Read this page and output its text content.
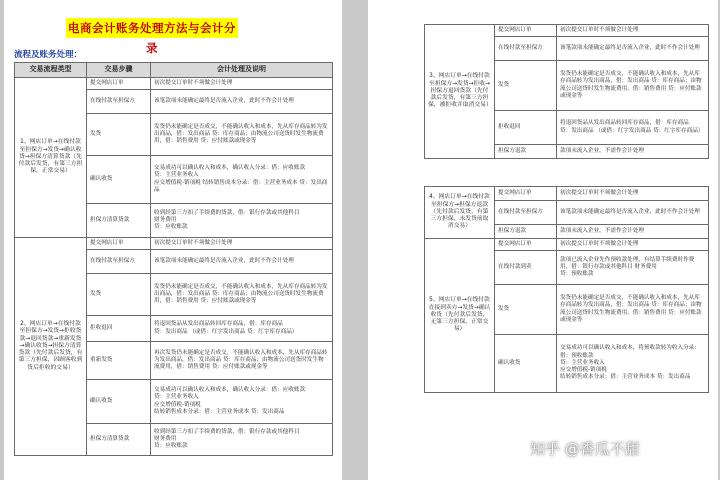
电商会计账务处理方法与会计分录
流程及账务处理：
交易流程类型	交易步骤	会计处理及说明
1、网店订单→在线付款至担保方→发货→确认收货→担保方清算货款（先付款后发货，有第三方担保，正常交易）	提交网店订单	初次提交订单时不须做会计处理
	在线付款至担保方	该笔款项未能确定最终是否流入企业，此时不作会计处理
	发货	发货仍未能确定是否成交，不能确认收入和成本，先从库存商品转为发出商品，借：发出商品 贷：库存商品；由物流公司送货时发生物流费用，借：销售费用 贷：应付账款或现金等
	确认收货	交易成功可以确认收入和成本，确认收入分录：借：应收账款
贷：主营业务收入
应交增值税-销项税 结转销售成本分录：借：主营业务成本 贷：发出商品
	担保方清算货款	收到经第三方扣了手续费的货款，借：银行存款或其他科目
财务费用
贷：应收账款
2、网店订单→在线付款至担保方→发货→拒收货款→退回货款→重新发货→确认收货→担保方清算货款（先付款后发货，有第三方担保，因顾客收到货后拒收的交易）	提交网店订单	初次提交订单时不须做会计处理
	在线付款至担保方	该笔款项未能确定最终是否流入企业，此时不作会计处理
	发货	发货仍未能确定是否成交，不能确认收入和成本，先从库存商品转为发出商品，借：发出商品 贷：库存商品；由物流公司送货时发生物流费用，借：销售费用 贷：应付账款或现金等
	拒收退回	将退回货品从发出商品转回库存商品，借：库存商品
贷：发出商品 （或借：红字发出商品 贷：红字库存商品）
	重新发货	再次发货仍未能确定是否成交，不能确认收入和成本，先从库存商品转为发出商品，借：发出商品 贷：库存商品；由物流公司送货时发生物流费用，借：销售费用 贷：应付账款或现金等
	确认收货	交易成功可以确认收入和成本，确认收入分录：借：应收账款
贷：主营业务收入
应交增值税-销项税
结转销售成本分录：借：主营业务成本 贷：发出商品
	担保方清算货款	收到经第三方扣了手续费的货款，借：银行存款或其他科目
财务费用
贷：应收账款
3、网店订单→在线付款至担保方→发货→拒收→担保方退回货款（先付款后发货，有第三方担保，被拒收并取消交易）	提交网店订单	初次提交订单时不须做会计处理
	在线付款至担保方	该笔款项未能确定最终是否流入企业，此时不作会计处理
	发货	发货仍未能确定是否成交，不能确认收入和成本，先从库存商品转为发出商品，借：发出商品 贷：库存商品；由物流公司送货时发生物流费用，借：销售费用 贷：应付账款或现金等
	拒收退回	将退回货品从发出商品转回库存商品，借：库存商品
贷：发出商品 （或借：红字发出商品 贷：红字库存商品）
	担保方退款	款项未流入企业，不需作会计处理
4、网店订单→在线付款至担保方→担保方退款（先付款后发货，有第三方担保，未发货前取消交易）	提交网店订单	初次提交订单时不须做会计处理
	在线付款至担保方	该笔款项未能确定最终是否流入企业，此时不作会计处理
	担保方退款	款项未流入企业，不需作会计处理
5、网店订单→在线付款直接到卖方→发货→确认收货（先付款后发货，无第三方担保，正常交易）	提交网店订单	初次提交订单时不须做会计处理
	在线付款到卖	款项已流入企业先作预收款处理，有结算手续费时作费用，借：银行存款或其他科目 财务费用
贷：预收账款
	发货	发货仍未能确定是否成交，不能确认收入和成本，先从库存商品转为发出商品，借：发出商品 贷：库存商品；由物流公司送货时发生物流费用，借：销售费用 贷：应付账款或现金等
	确认收货	交易成功可以确认收入和成本，将预收款转为收入分录：借：预收账款
贷：主营业务收入
应交增值税-销项税
结转销售成本分录：借：主营业务成本 贷：发出商品
知乎 @香瓜不甜
